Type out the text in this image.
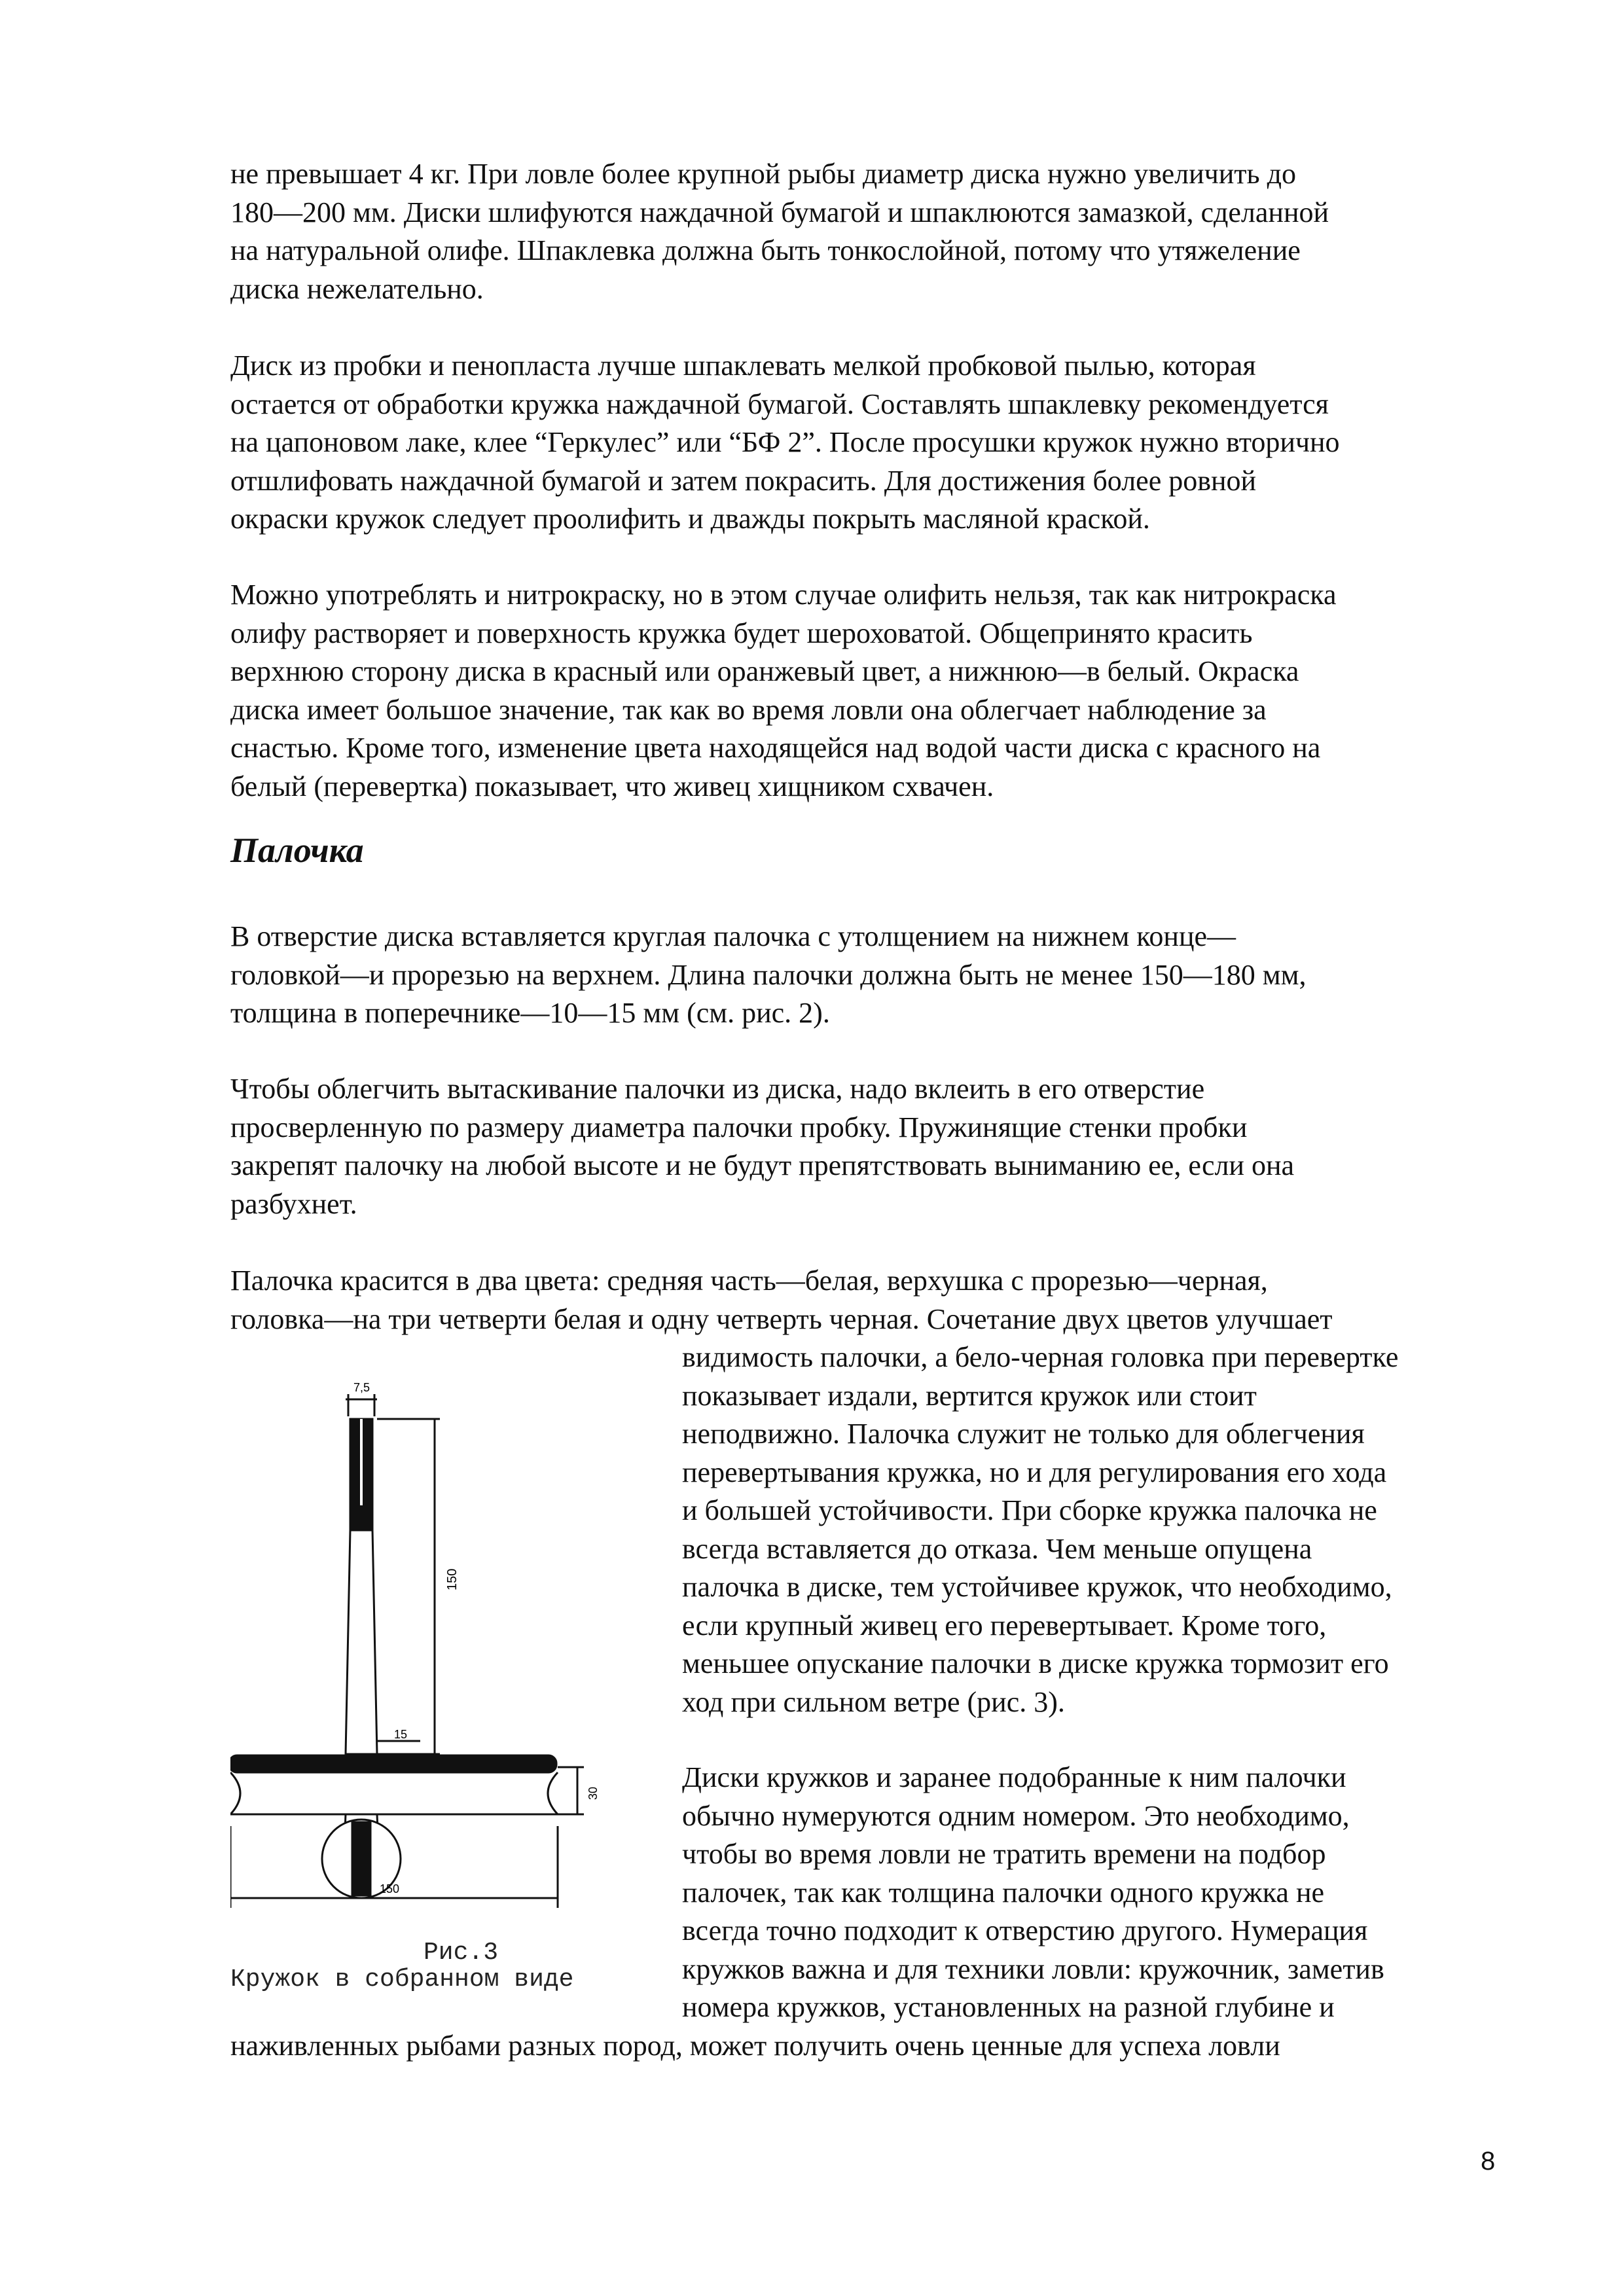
не превышает 4 кг. При ловле более крупной рыбы диаметр диска нужно увеличить до
180—200 мм. Диски шлифуются наждачной бумагой и шпаклюются замазкой, сделанной
на натуральной олифе. Шпаклевка должна быть тонкослойной, потому что утяжеление
диска нежелательно.

Диск из пробки и пенопласта лучше шпаклевать мелкой пробковой пылью, которая
остается от обработки кружка наждачной бумагой. Составлять шпаклевку рекомендуется
на цапоновом лаке, клее “Геркулес” или “БФ 2”. После просушки кружок нужно вторично
отшлифовать наждачной бумагой и затем покрасить. Для достижения более ровной
окраски кружок следует проолифить и дважды покрыть масляной краской.

Можно употреблять и нитрокраску, но в этом случае олифить нельзя, так как нитрокраска
олифу растворяет и поверхность кружка будет шероховатой. Общепринято красить
верхнюю сторону диска в красный или оранжевый цвет, а нижнюю—в белый. Окраска
диска имеет большое значение, так как во время ловли она облегчает наблюдение за
снастью. Кроме того, изменение цвета находящейся над водой части диска с красного на
белый (перевертка) показывает, что живец хищником схвачен.

Палочка

В отверстие диска вставляется круглая палочка с утолщением на нижнем конце—
головкой—и прорезью на верхнем. Длина палочки должна быть не менее 150—180 мм,
толщина в поперечнике—10—15 мм (см. рис. 2).

Чтобы облегчить вытаскивание палочки из диска, надо вклеить в его отверстие
просверленную по размеру диаметра палочки пробку. Пружинящие стенки пробки
закрепят палочку на любой высоте и не будут препятствовать выниманию ее, если она
разбухнет.

Палочка красится в два цвета: средняя часть—белая, верхушка с прорезью—черная,
головка—на три четверти белая и одну четверть черная. Сочетание двух цветов улучшает

видимость палочки, а бело-черная головка при перевертке
показывает издали, вертится кружок или стоит
неподвижно. Палочка служит не только для облегчения
перевертывания кружка, но и для регулирования его хода
и большей устойчивости. При сборке кружка палочка не
всегда вставляется до отказа. Чем меньше опущена
палочка в диске, тем устойчивее кружок, что необходимо,
если крупный живец его перевертывает. Кроме того,
меньшее опускание палочки в диске кружка тормозит его
ход при сильном ветре (рис. 3).

Диски кружков и заранее подобранные к ним палочки
обычно нумеруются одним номером. Это необходимо,
чтобы во время ловли не тратить времени на подбор
палочек, так как толщина палочки одного кружка не
всегда точно подходит к отверстию другого. Нумерация
кружков важна и для техники ловли: кружочник, заметив
номера кружков, установленных на разной глубине и

наживленных рыбами разных пород, может получить очень ценные для успеха ловли

7,5
150
15
30
150
Рис.3
Кружок в собранном виде
8
